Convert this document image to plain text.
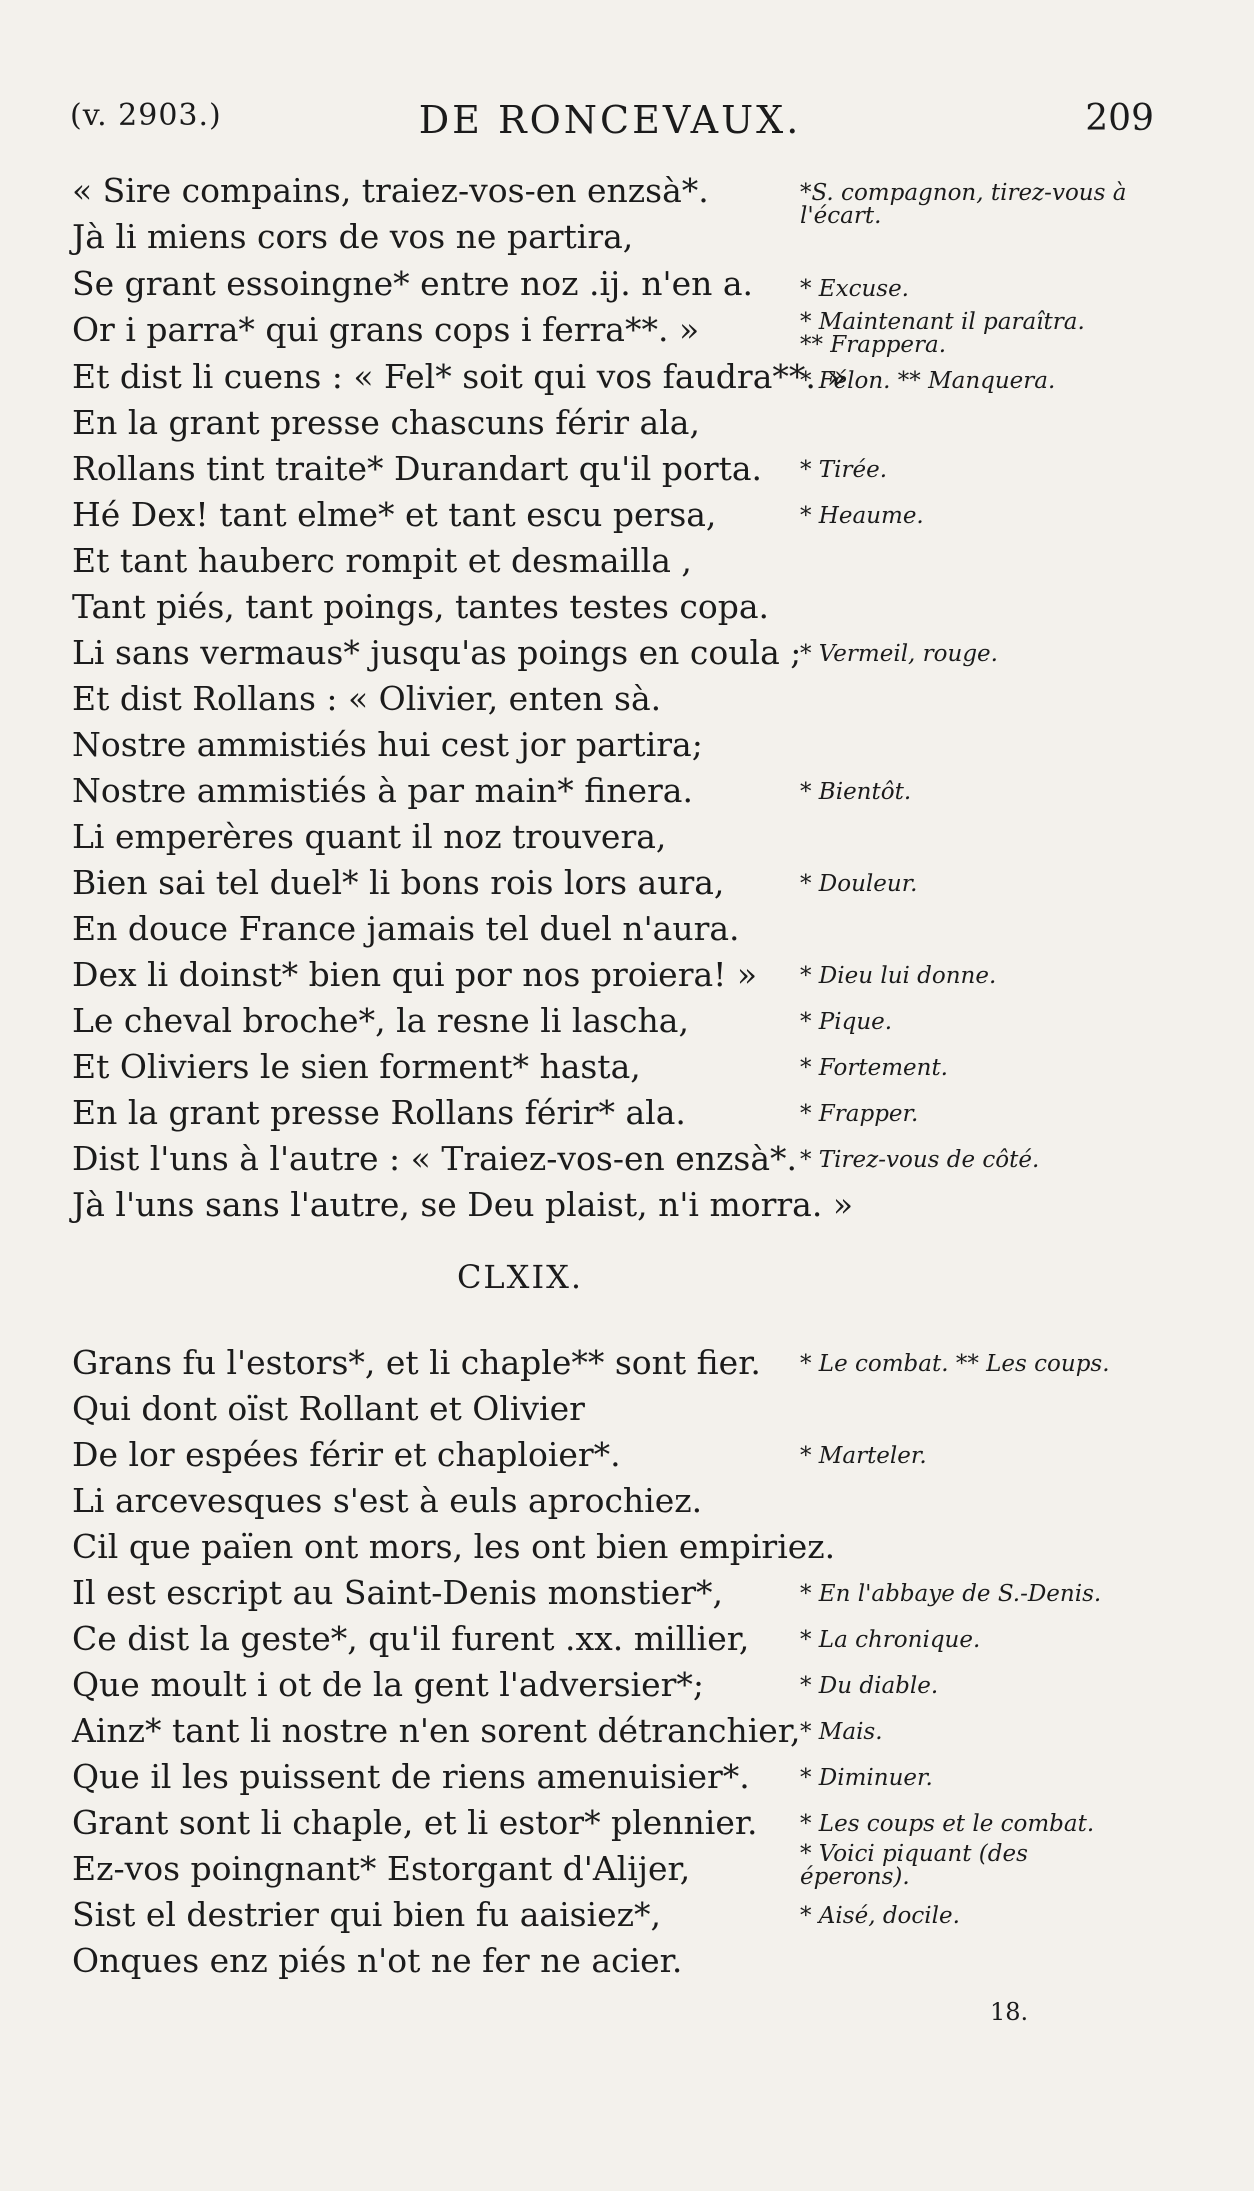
(v. 2903.)	DE RONCEVAUX.	209
« Sire compains, traiez-vos-en enzsà*.
Jà li miens cors de vos ne partira,
Se grant essoingne* entre noz .ij. n'en a.
Or i parra* qui grans cops i ferra**. »
Et dist li cuens : « Fel* soit qui vos faudra**. »
En la grant presse chascuns férir ala,
Rollans tint traite* Durandart qu'il porta.
Hé Dex! tant elme* et tant escu persa,
Et tant hauberc rompit et desmailla ,
Tant piés, tant poings, tantes testes copa.
Li sans vermaus* jusqu'as poings en coula ;
Et dist Rollans : « Olivier, enten sà.
Nostre ammistiés hui cest jor partira;
Nostre ammistiés à par main* finera.
Li emperères quant il noz trouvera,
Bien sai tel duel* li bons rois lors aura,
En douce France jamais tel duel n'aura.
Dex li doinst* bien qui por nos proiera! »
Le cheval broche*, la resne li lascha,
Et Oliviers le sien forment* hasta,
En la grant presse Rollans férir* ala.
Dist l'uns à l'autre : « Traiez-vos-en enzsà*.
Jà l'uns sans l'autre, se Deu plaist, n'i morra. »
CLXIX.
Grans fu l'estors*, et li chaple** sont fier.
Qui dont oïst Rollant et Olivier
De lor espées férir et chaploier*.
Li arcevesques s'est à euls aprochiez.
Cil que païen ont mors, les ont bien empiriez.
Il est escript au Saint-Denis monstier*,
Ce dist la geste*, qu'il furent .xx. millier,
Que moult i ot de la gent l'adversier*;
Ainz* tant li nostre n'en sorent détranchier,
Que il les puissent de riens amenuisier*.
Grant sont li chaple, et li estor* plennier.
Ez-vos poingnant* Estorgant d'Alijer,
Sist el destrier qui bien fu aaisiez*,
Onques enz piés n'ot ne fer ne acier.
*S. compagnon, tirez-vous à l'écart.
* Excuse.
* Maintenant il paraîtra.
** Frappera.
* Félon. ** Manquera.
* Tirée.
* Heaume.
* Vermeil, rouge.
* Bientôt.
* Douleur.
* Dieu lui donne.
* Pique.
* Fortement.
* Frapper.
* Tirez-vous de côté.
* Le combat. ** Les coups.
* Marteler.
* En l'abbaye de S.-Denis.
* La chronique.
* Du diable.
* Mais.
* Diminuer.
* Les coups et le combat.
* Voici piquant (des éperons).
* Aisé, docile.
18.
